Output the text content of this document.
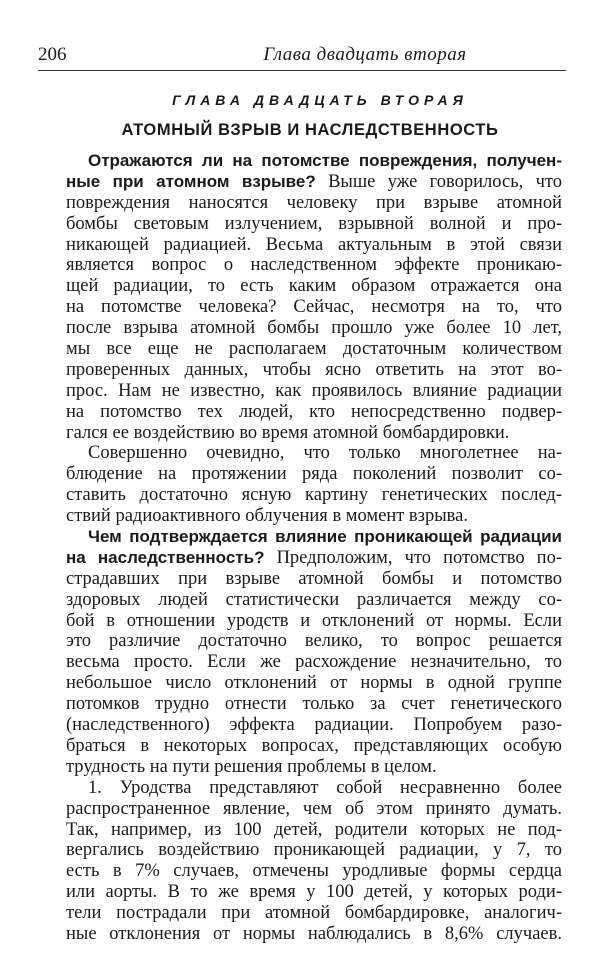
206	Глава двадцать вторая
ГЛАВА ДВАДЦАТЬ ВТОРАЯ
АТОМНЫЙ ВЗРЫВ И НАСЛЕДСТВЕННОСТЬ
Отражаются ли на потомстве повреждения, получен-
ные при атомном взрыве? Выше уже говорилось, что
повреждения наносятся человеку при взрыве атомной
бомбы световым излучением, взрывной волной и про-
никающей радиацией. Весьма актуальным в этой связи
является вопрос о наследственном эффекте проникаю-
щей радиации, то есть каким образом отражается она
на потомстве человека? Сейчас, несмотря на то, что
после взрыва атомной бомбы прошло уже более 10 лет,
мы все еще не располагаем достаточным количеством
проверенных данных, чтобы ясно ответить на этот во-
прос. Нам не известно, как проявилось влияние радиации
на потомство тех людей, кто непосредственно подвер-
гался ее воздействию во время атомной бомбардировки.
Совершенно очевидно, что только многолетнее на-
блюдение на протяжении ряда поколений позволит со-
ставить достаточно ясную картину генетических послед-
ствий радиоактивного облучения в момент взрыва.
Чем подтверждается влияние проникающей радиации
на наследственность? Предположим, что потомство по-
страдавших при взрыве атомной бомбы и потомство
здоровых людей статистически различается между со-
бой в отношении уродств и отклонений от нормы. Если
это различие достаточно велико, то вопрос решается
весьма просто. Если же расхождение незначительно, то
небольшое число отклонений от нормы в одной группе
потомков трудно отнести только за счет генетического
(наследственного) эффекта радиации. Попробуем разо-
браться в некоторых вопросах, представляющих особую
трудность на пути решения проблемы в целом.
1. Уродства представляют собой несравненно более
распространенное явление, чем об этом принято думать.
Так, например, из 100 детей, родители которых не под-
вергались воздействию проникающей радиации, у 7, то
есть в 7% случаев, отмечены уродливые формы сердца
или аорты. В то же время у 100 детей, у которых роди-
тели пострадали при атомной бомбардировке, аналогич-
ные отклонения от нормы наблюдались в 8,6% случаев.
